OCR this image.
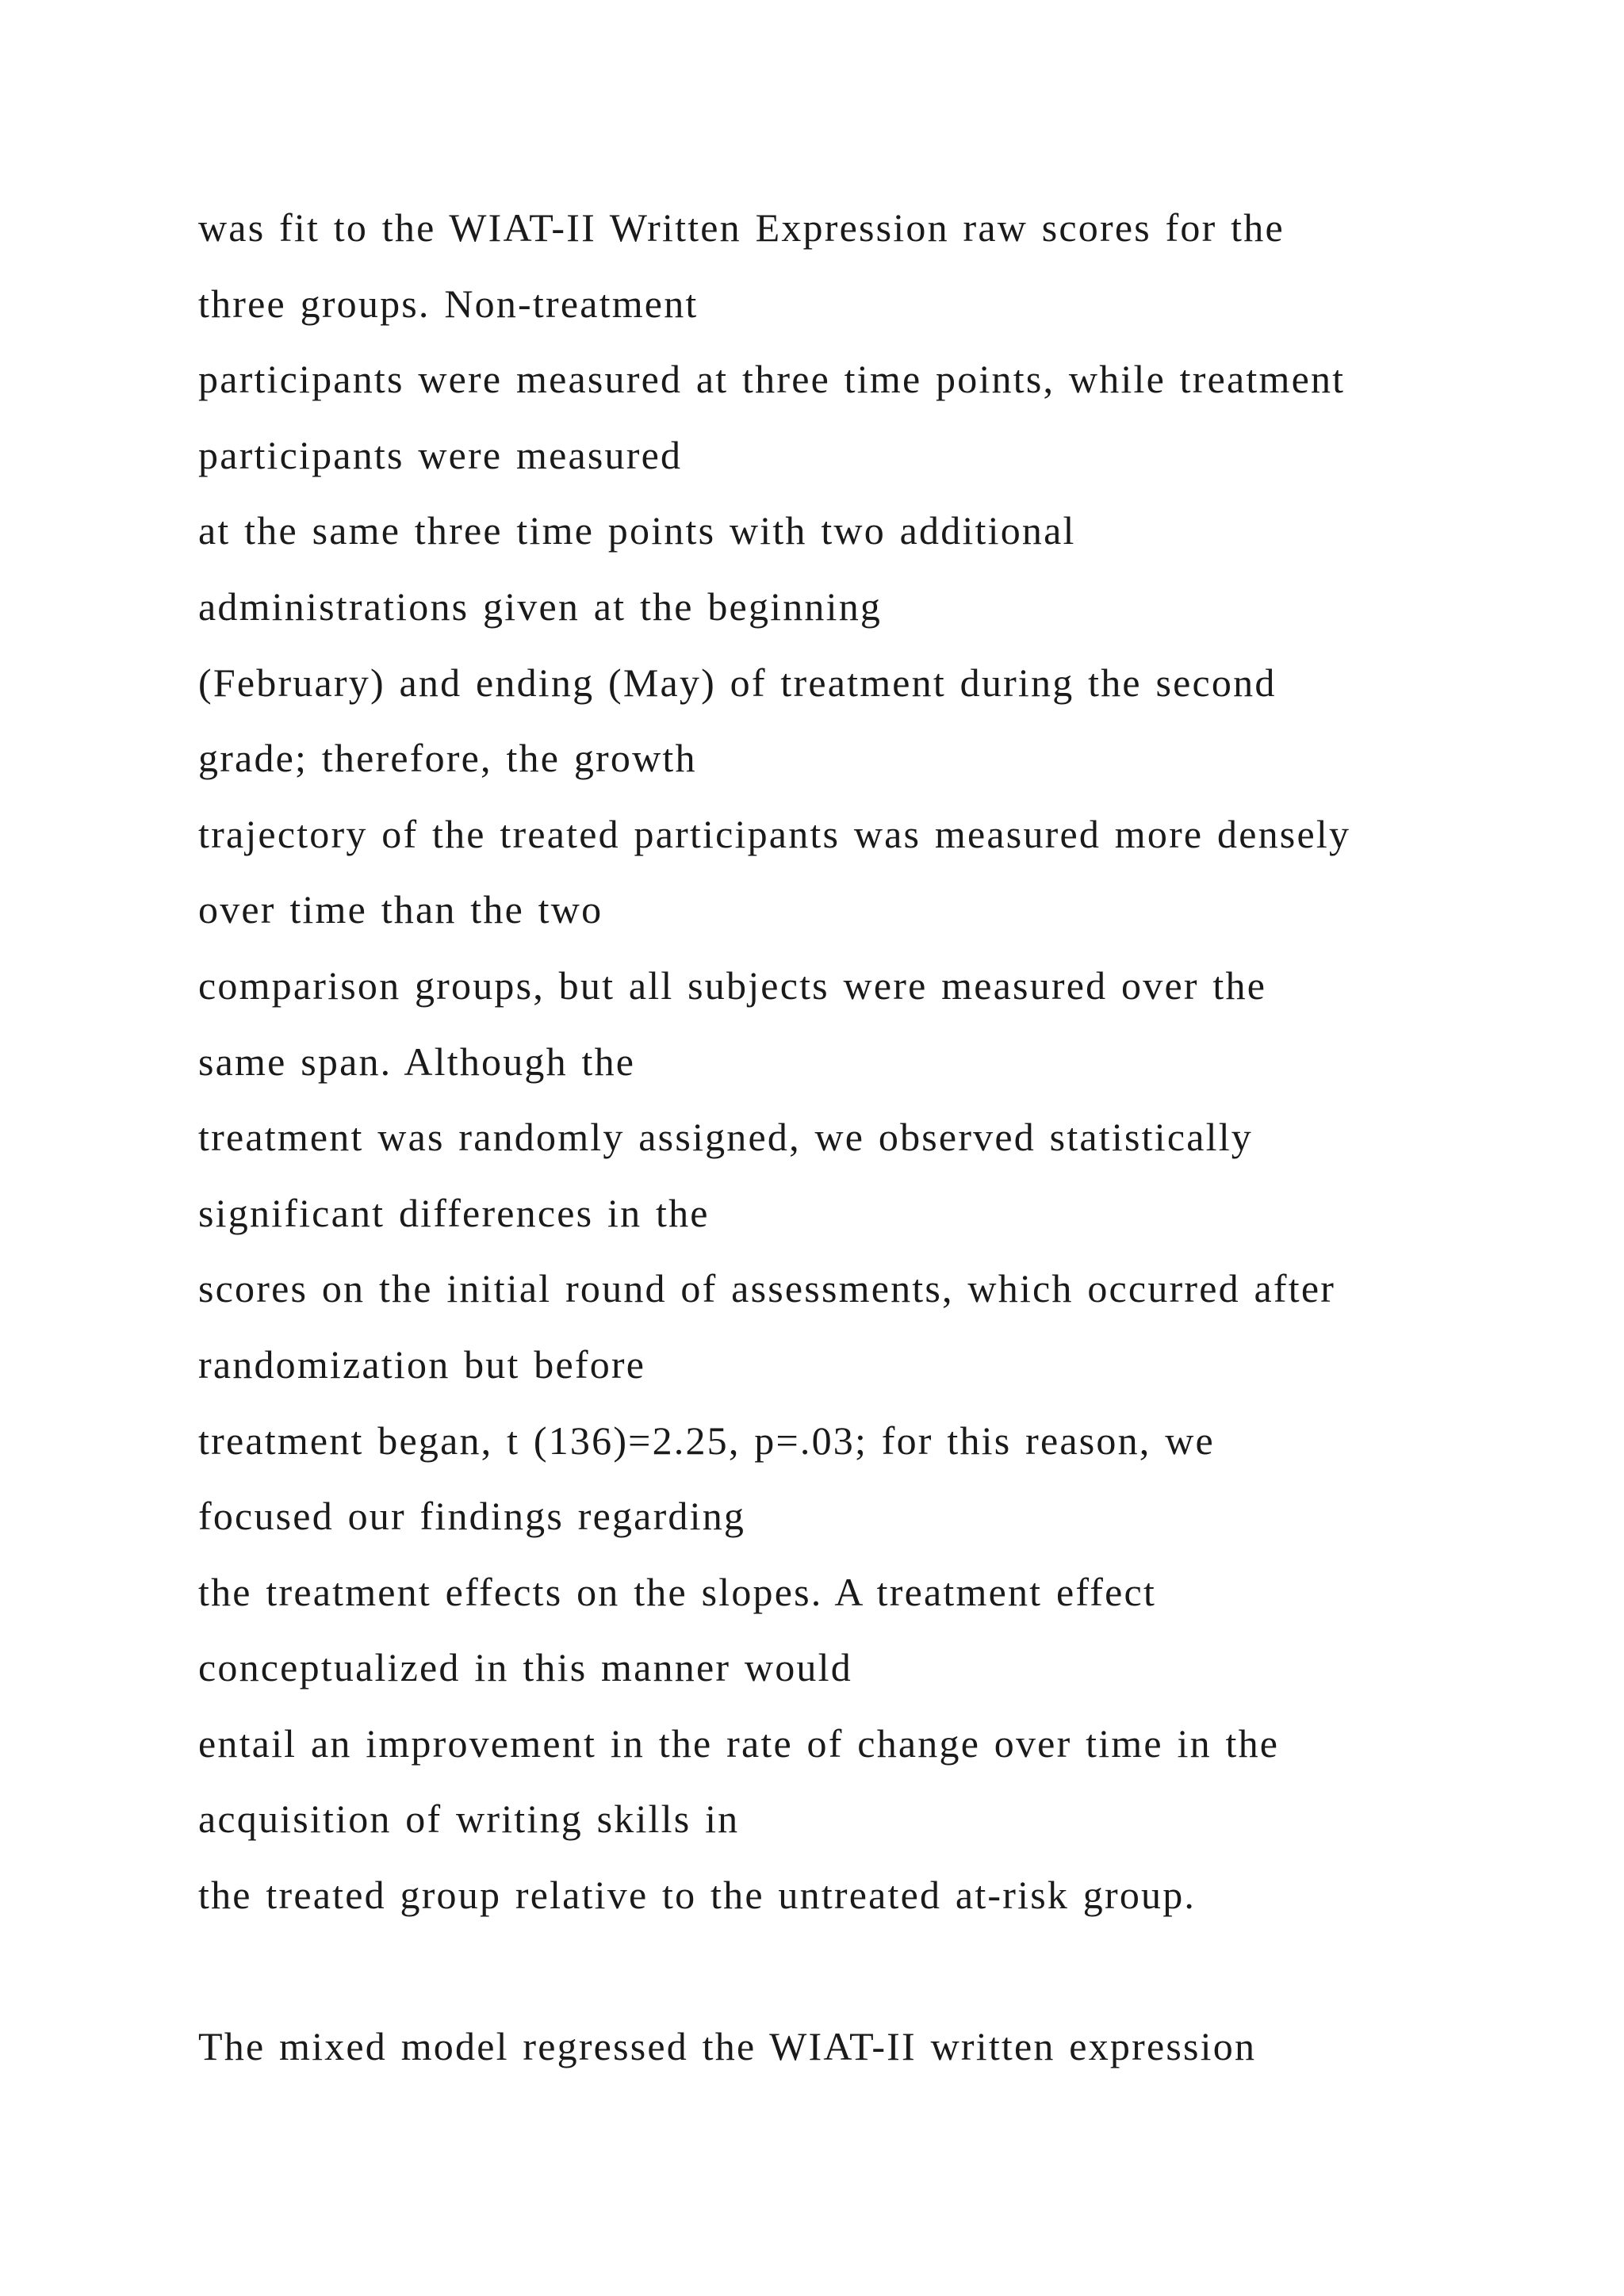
was fit to the WIAT-II Written Expression raw scores for the
three groups. Non-treatment
participants were measured at three time points, while treatment
participants were measured
at the same three time points with two additional
administrations given at the beginning
(February) and ending (May) of treatment during the second
grade; therefore, the growth
trajectory of the treated participants was measured more densely
over time than the two
comparison groups, but all subjects were measured over the
same span. Although the
treatment was randomly assigned, we observed statistically
significant differences in the
scores on the initial round of assessments, which occurred after
randomization but before
treatment began, t (136)=2.25, p=.03; for this reason, we
focused our findings regarding
the treatment effects on the slopes. A treatment effect
conceptualized in this manner would
entail an improvement in the rate of change over time in the
acquisition of writing skills in
the treated group relative to the untreated at-risk group.
The mixed model regressed the WIAT-II written expression
